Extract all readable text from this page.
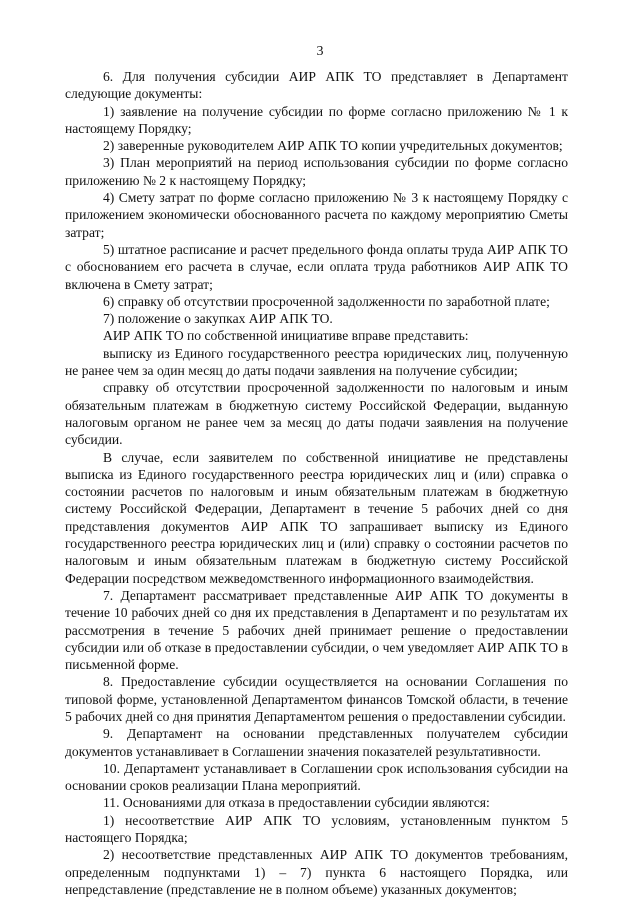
3

6. Для получения субсидии АИР АПК ТО представляет в Департамент следующие документы:

1) заявление на получение субсидии по форме согласно приложению № 1 к настоящему Порядку;

2) заверенные руководителем АИР АПК ТО копии учредительных документов;

3) План мероприятий на период использования субсидии по форме согласно приложению № 2 к настоящему Порядку;

4) Смету затрат по форме согласно приложению № 3 к настоящему Порядку с приложением экономически обоснованного расчета по каждому мероприятию Сметы затрат;

5) штатное расписание и расчет предельного фонда оплаты труда АИР АПК ТО с обоснованием его расчета в случае, если оплата труда работников АИР АПК ТО включена в Смету затрат;

6) справку об отсутствии просроченной задолженности по заработной плате;

7) положение о закупках АИР АПК ТО.

АИР АПК ТО по собственной инициативе вправе представить:

выписку из Единого государственного реестра юридических лиц, полученную не ранее чем за один месяц до даты подачи заявления на получение субсидии;

справку об отсутствии просроченной задолженности по налоговым и иным обязательным платежам в бюджетную систему Российской Федерации, выданную налоговым органом не ранее чем за месяц до даты подачи заявления на получение субсидии.

В случае, если заявителем по собственной инициативе не представлены выписка из Единого государственного реестра юридических лиц и (или) справка о состоянии расчетов по налоговым и иным обязательным платежам в бюджетную систему Российской Федерации, Департамент в течение 5 рабочих дней со дня представления документов АИР АПК ТО запрашивает выписку из Единого государственного реестра юридических лиц и (или) справку о состоянии расчетов по налоговым и иным обязательным платежам в бюджетную систему Российской Федерации посредством межведомственного информационного взаимодействия.

7. Департамент рассматривает представленные АИР АПК ТО документы в течение 10 рабочих дней со дня их представления в Департамент и по результатам их рассмотрения в течение 5 рабочих дней принимает решение о предоставлении субсидии или об отказе в предоставлении субсидии, о чем уведомляет АИР АПК ТО в письменной форме.

8. Предоставление субсидии осуществляется на основании Соглашения по типовой форме, установленной Департаментом финансов Томской области, в течение 5 рабочих дней со дня принятия Департаментом решения о предоставлении субсидии.

9. Департамент на основании представленных получателем субсидии документов устанавливает в Соглашении значения показателей результативности.

10. Департамент устанавливает в Соглашении срок использования субсидии на основании сроков реализации Плана мероприятий.

11. Основаниями для отказа в предоставлении субсидии являются:

1) несоответствие АИР АПК ТО условиям, установленным пунктом 5 настоящего Порядка;

2) несоответствие представленных АИР АПК ТО документов требованиям, определенным подпунктами 1) – 7) пункта 6 настоящего Порядка, или непредставление (представление не в полном объеме) указанных документов;
